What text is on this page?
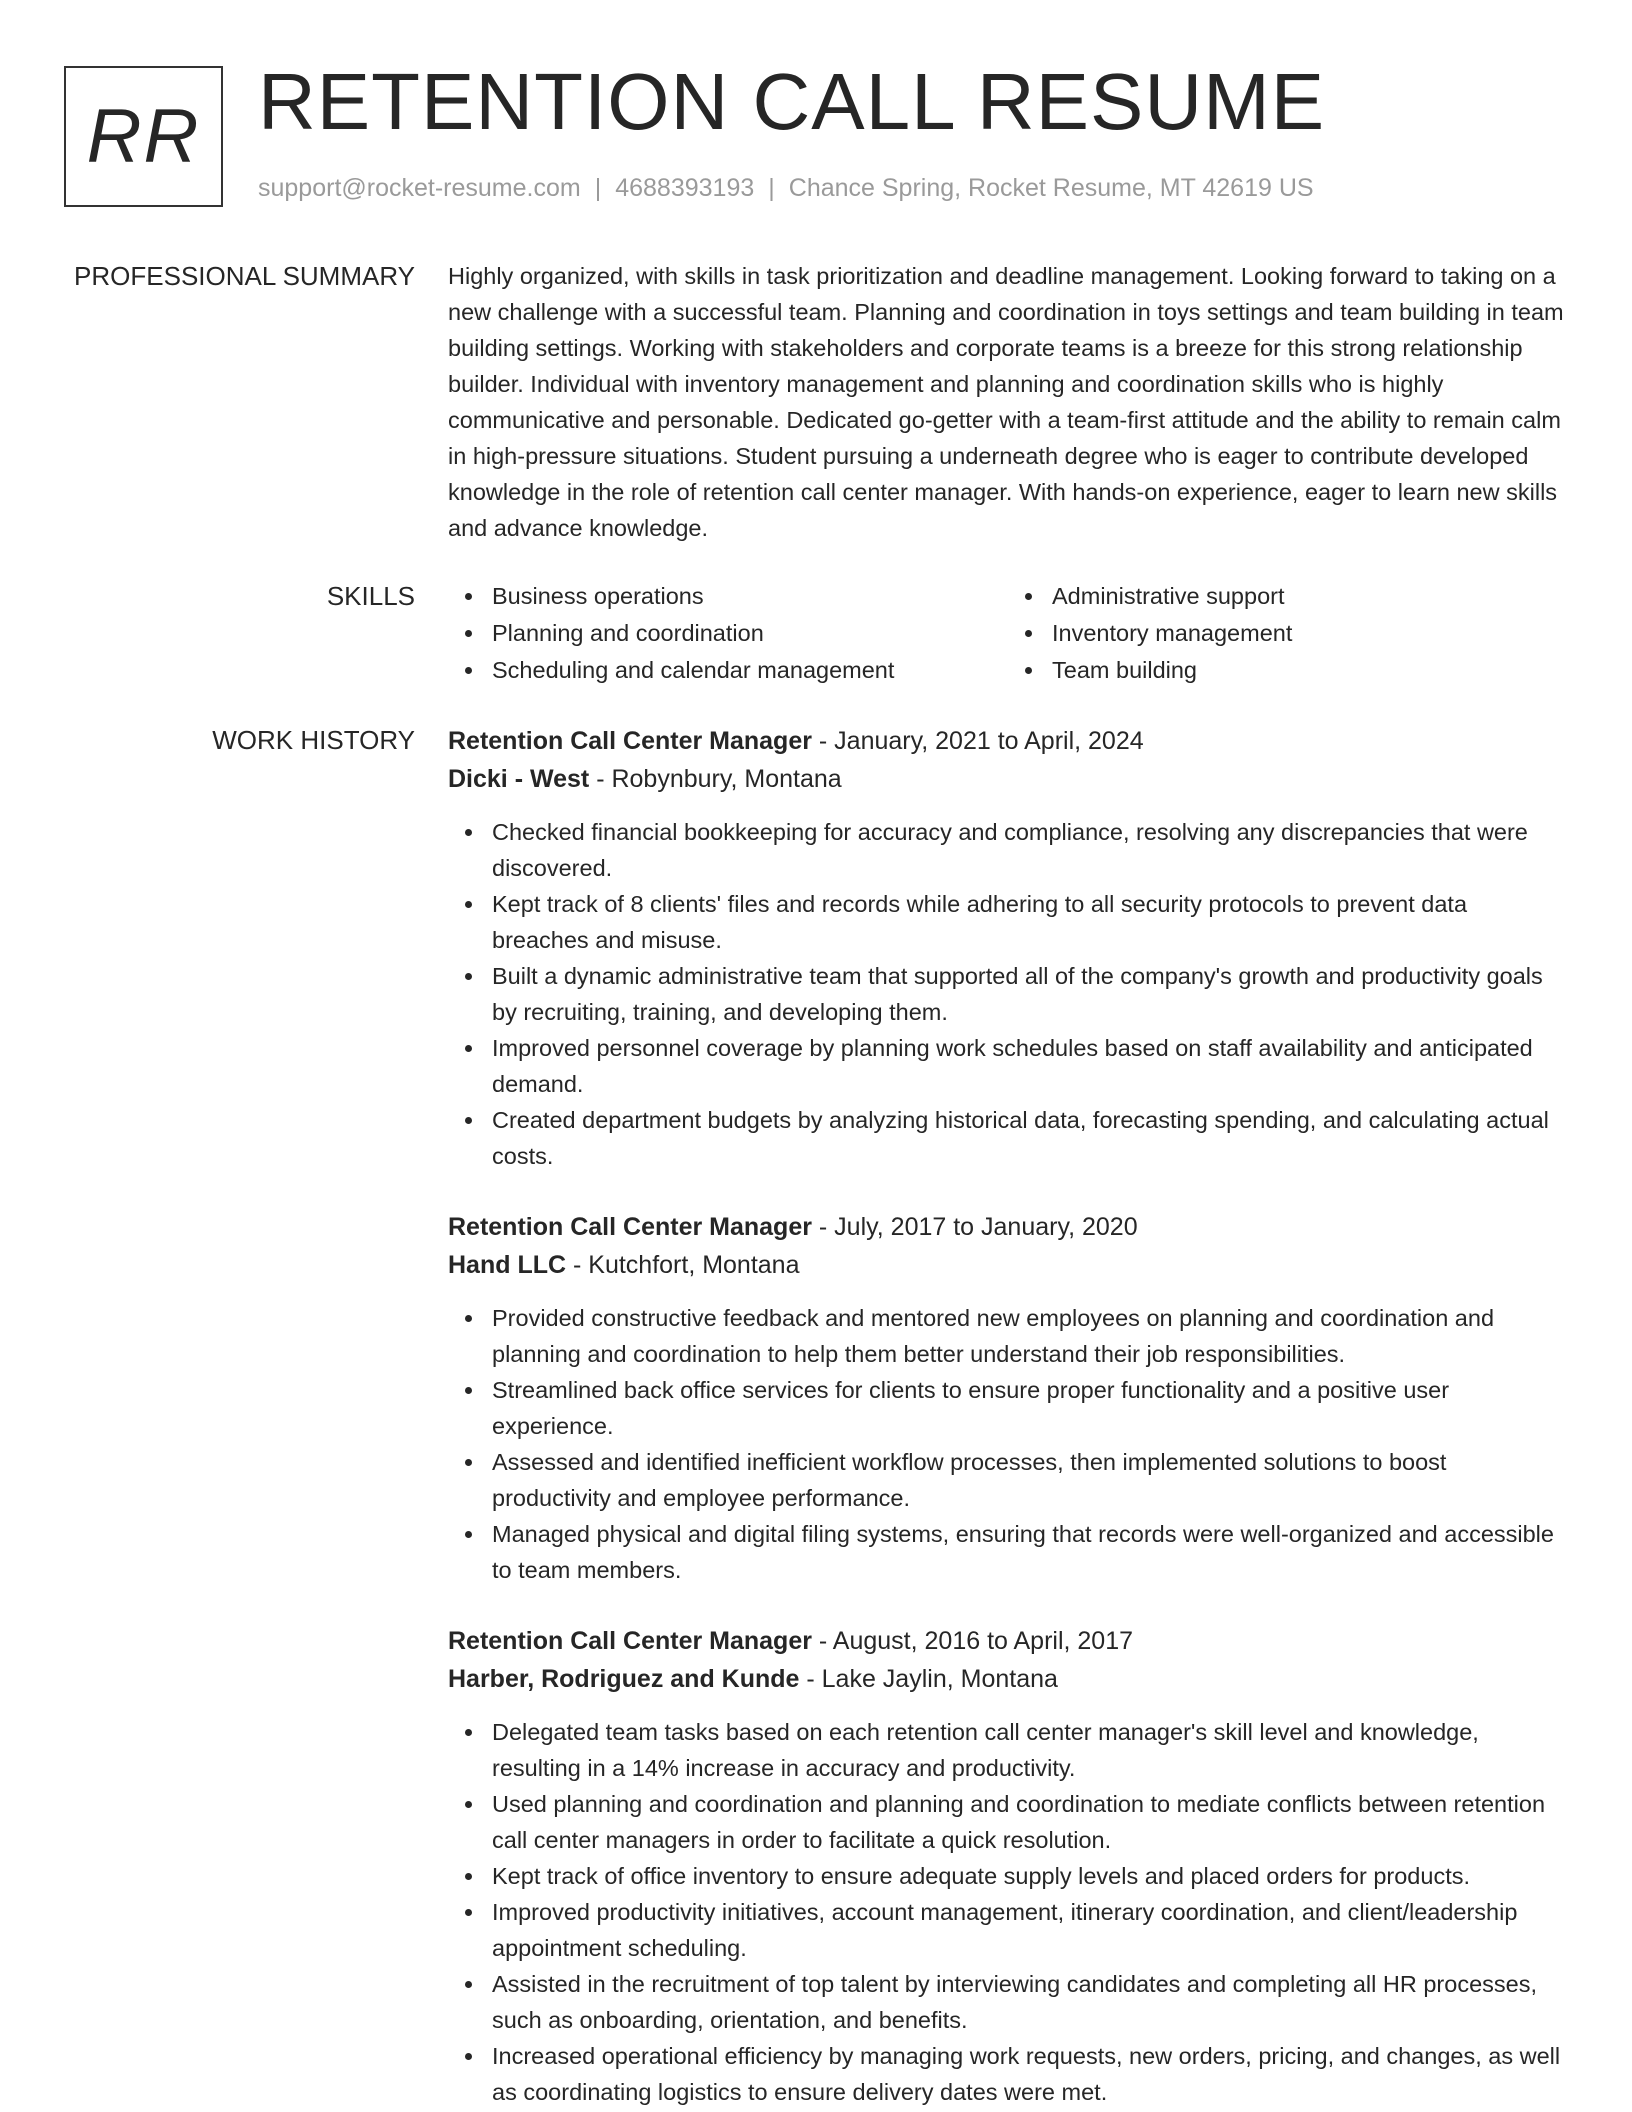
RR RETENTION CALL RESUME
support@rocket-resume.com | 4688393193 | Chance Spring, Rocket Resume, MT 42619 US
PROFESSIONAL SUMMARY Highly organized, with skills in task prioritization and deadline management. Looking forward to taking on a new challenge with a successful team. Planning and coordination in toys settings and team building in team building settings. Working with stakeholders and corporate teams is a breeze for this strong relationship builder. Individual with inventory management and planning and coordination skills who is highly communicative and personable. Dedicated go-getter with a team-first attitude and the ability to remain calm in high-pressure situations. Student pursuing a underneath degree who is eager to contribute developed knowledge in the role of retention call center manager. With hands-on experience, eager to learn new skills and advance knowledge.

SKILLS	Business operations
Planning and coordination
Scheduling and calendar management
Administrative support
Inventory management
Team building
WORK HISTORY Retention Call Center Manager - January, 2021 to April, 2024
Dicki - West - Robynbury, Montana
Checked financial bookkeeping for accuracy and compliance, resolving any discrepancies that were discovered.
Kept track of 8 clients' files and records while adhering to all security protocols to prevent data breaches and misuse.
Built a dynamic administrative team that supported all of the company's growth and productivity goals by recruiting, training, and developing them.
Improved personnel coverage by planning work schedules based on staff availability and anticipated demand.
Created department budgets by analyzing historical data, forecasting spending, and calculating actual costs.
Retention Call Center Manager - July, 2017 to January, 2020
Hand LLC - Kutchfort, Montana
Provided constructive feedback and mentored new employees on planning and coordination and planning and coordination to help them better understand their job responsibilities.
Streamlined back office services for clients to ensure proper functionality and a positive user experience.
Assessed and identified inefficient workflow processes, then implemented solutions to boost productivity and employee performance.
Managed physical and digital filing systems, ensuring that records were well-organized and accessible to team members.
Retention Call Center Manager - August, 2016 to April, 2017
Harber, Rodriguez and Kunde - Lake Jaylin, Montana
Delegated team tasks based on each retention call center manager's skill level and knowledge, resulting in a 14% increase in accuracy and productivity.
Used planning and coordination and planning and coordination to mediate conflicts between retention call center managers in order to facilitate a quick resolution.
Kept track of office inventory to ensure adequate supply levels and placed orders for products.
Improved productivity initiatives, account management, itinerary coordination, and client/leadership appointment scheduling.
Assisted in the recruitment of top talent by interviewing candidates and completing all HR processes, such as onboarding, orientation, and benefits.
Increased operational efficiency by managing work requests, new orders, pricing, and changes, as well as coordinating logistics to ensure delivery dates were met.
